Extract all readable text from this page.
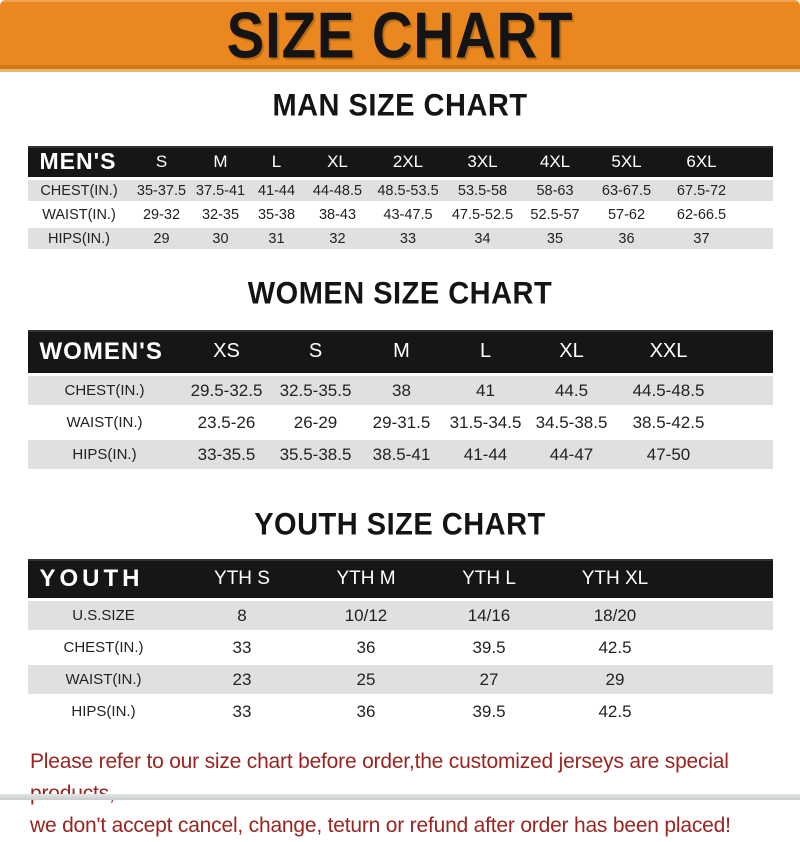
SIZE CHART
MAN SIZE CHART
MEN'S	S	M	L	XL	2XL	3XL	4XL	5XL	6XL	
CHEST(IN.)	35-37.5	37.5-41	41-44	44-48.5	48.5-53.5	53.5-58	58-63	63-67.5	67.5-72	
WAIST(IN.)	29-32	32-35	35-38	38-43	43-47.5	47.5-52.5	52.5-57	57-62	62-66.5	
HIPS(IN.)	29	30	31	32	33	34	35	36	37	
WOMEN SIZE CHART
WOMEN'S	XS	S	M	L	XL	XXL	
CHEST(IN.)	29.5-32.5	32.5-35.5	38	41	44.5	44.5-48.5	
WAIST(IN.)	23.5-26	26-29	29-31.5	31.5-34.5	34.5-38.5	38.5-42.5	
HIPS(IN.)	33-35.5	35.5-38.5	38.5-41	41-44	44-47	47-50	
YOUTH SIZE CHART
YOUTH	YTH S	YTH M	YTH L	YTH XL	
U.S.SIZE	8	10/12	14/16	18/20	
CHEST(IN.)	33	36	39.5	42.5	
WAIST(IN.)	23	25	27	29	
HIPS(IN.)	33	36	39.5	42.5	

Please refer to our size chart before order,the customized jerseys are special

we don't accept cancel, change, teturn or refund after order has been placed!
